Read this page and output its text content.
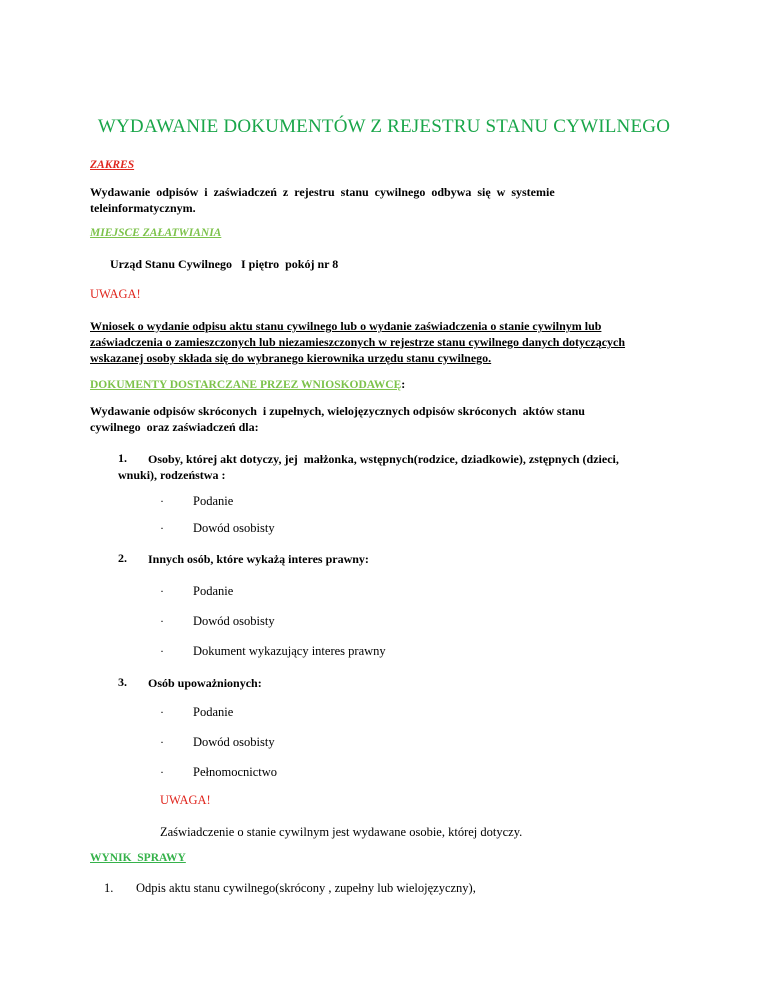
WYDAWANIE DOKUMENTÓW Z REJESTRU STANU CYWILNEGO
ZAKRES
Wydawanie  odpisów  i  zaświadczeń  z  rejestru  stanu  cywilnego  odbywa  się  w  systemie
teleinformatycznym.
MIEJSCE ZAŁATWIANIA
Urząd Stanu Cywilnego   I piętro  pokój nr 8
UWAGA!
Wniosek o wydanie odpisu aktu stanu cywilnego lub o wydanie zaświadczenia o stanie cywilnym lub
zaświadczenia o zamieszczonych lub niezamieszczonych w rejestrze stanu cywilnego danych dotyczących
wskazanej osoby składa się do wybranego kierownika urzędu stanu cywilnego.
DOKUMENTY DOSTARCZANE PRZEZ WNIOSKODAWCĘ:
Wydawanie odpisów skróconych  i zupełnych, wielojęzycznych odpisów skróconych  aktów stanu
cywilnego  oraz zaświadczeń dla:
1. Osoby, której akt dotyczy, jej  małżonka, wstępnych(rodzice, dziadkowie), zstępnych (dzieci,
wnuki), rodzeństwa :
· Podanie
· Dowód osobisty
2. Innych osób, które wykażą interes prawny:
· Podanie
· Dowód osobisty
· Dokument wykazujący interes prawny
3. Osób upoważnionych:
· Podanie
· Dowód osobisty
· Pełnomocnictwo
UWAGA!
Zaświadczenie o stanie cywilnym jest wydawane osobie, której dotyczy.
WYNIK  SPRAWY
1. Odpis aktu stanu cywilnego(skrócony , zupełny lub wielojęzyczny),
